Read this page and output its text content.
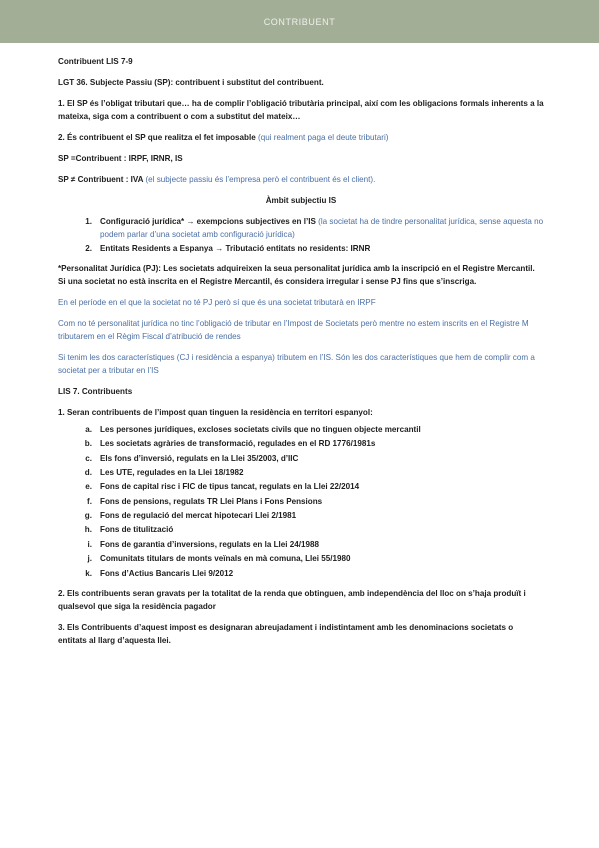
CONTRIBUENT

Contribuent LIS 7-9

LGT 36. Subjecte Passiu (SP): contribuent i substitut del contribuent.

1. El SP és l’obligat tributari que… ha de complir l’obligació tributària principal, així com les obligacions formals inherents a la mateixa, siga com a contribuent o com a substitut del mateix…

2. És contribuent el SP que realitza el fet imposable (qui realment paga el deute tributari)

SP =Contribuent : IRPF, IRNR, IS

SP ≠ Contribuent : IVA (el subjecte passiu és l’empresa però el contribuent és el client).

Àmbit subjectiu IS

1. Configuració jurídica* → exempcions subjectives en l’IS (la societat ha de tindre personalitat jurídica, sense aquesta no podem parlar d’una societat amb configuració jurídica)
2. Entitats Residents a Espanya → Tributació entitats no residents: IRNR

*Personalitat Jurídica (PJ): Les societats adquireixen la seua personalitat jurídica amb la inscripció en el Registre Mercantil. Si una societat no està inscrita en el Registre Mercantil, és considera irregular i sense PJ fins que s’inscriga.

En el període en el que la societat no té PJ però sí que és una societat tributarà en IRPF

Com no té personalitat jurídica no tinc l’obligació de tributar en l’Impost de Societats però mentre no estem inscrits en el Registre M tributarem en el Règim Fiscal d’atribució de rendes

Si tenim les dos característiques (CJ i residència a espanya) tributem en l’IS. Són les dos característiques que hem de complir com a societat per a tributar en l’IS

LIS 7. Contribuents

1. Seran contribuents de l’impost quan tinguen la residència en territori espanyol:

a. Les persones jurídiques, excloses societats civils que no tinguen objecte mercantil
b. Les societats agràries de transformació, regulades en el RD 1776/1981s
c. Els fons d’inversió, regulats en la Llei 35/2003, d’IIC
d. Les UTE, regulades en la Llei 18/1982
e. Fons de capital risc i FIC de tipus tancat, regulats en la Llei 22/2014
f. Fons de pensions, regulats TR Llei Plans i Fons Pensions
g. Fons de regulació del mercat hipotecari Llei 2/1981
h. Fons de titulització
i. Fons de garantia d’inversions, regulats en la Llei 24/1988
j. Comunitats titulars de monts veïnals en mà comuna, Llei 55/1980
k. Fons d’Actius Bancaris Llei 9/2012

2. Els contribuents seran gravats per la totalitat de la renda que obtinguen, amb independència del lloc on s’haja produït i qualsevol que siga la residència pagador

3. Els Contribuents d’aquest impost es designaran abreujadament i indistintament amb les denominacions societats o entitats al llarg d’aquesta llei.
